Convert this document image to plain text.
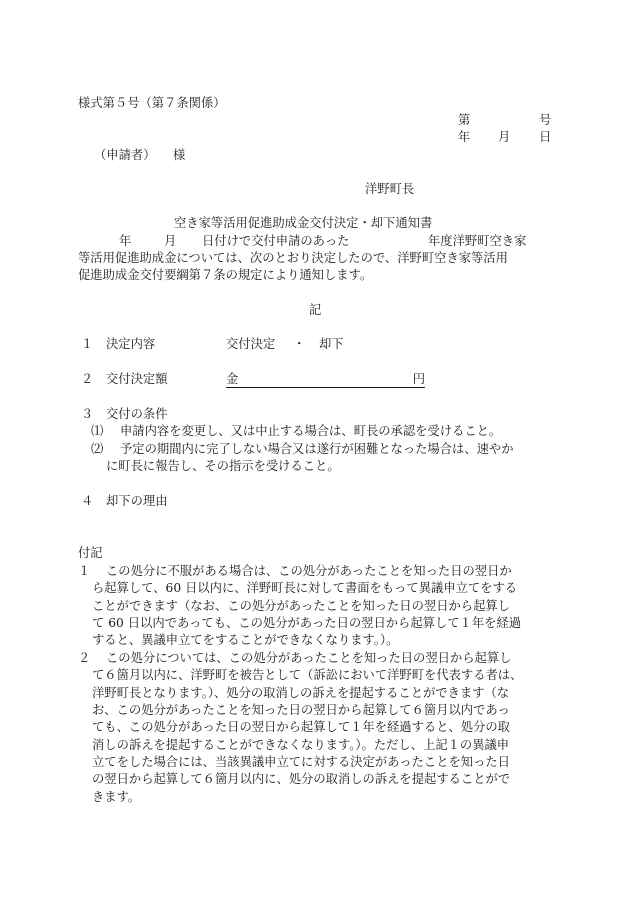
様式第５号（第７条関係）
第	号
年 月 日
（申請者） 様
洋野町長
空き家等活用促進助成金交付決定・却下通知書
年	月 日付けで交付申請のあった	年度洋野町空き家
等活用促進助成金については、次のとおり決定したので、洋野町空き家等活用
促進助成金交付要綱第７条の規定により通知します。
記
１ 決定内容	交付決定 ・ 却下
２ 交付決定額	金	円
３ 交付の条件
⑴ 申請内容を変更し、又は中止する場合は、町長の承認を受けること。
⑵ 予定の期間内に完了しない場合又は遂行が困難となった場合は、速やか
に町長に報告し、その指示を受けること。
４ 却下の理由
付記
１ この処分に不服がある場合は、この処分があったことを知った日の翌日か
ら起算して、60 日以内に、洋野町長に対して書面をもって異議申立てをする
ことができます（なお、この処分があったことを知った日の翌日から起算し
て 60 日以内であっても、この処分があった日の翌日から起算して１年を経過
すると、異議申立てをすることができなくなります。）。
２ この処分については、この処分があったことを知った日の翌日から起算し
て６箇月以内に、洋野町を被告として（訴訟において洋野町を代表する者は、
洋野町長となります。）、処分の取消しの訴えを提起することができます（な
お、この処分があったことを知った日の翌日から起算して６箇月以内であっ
ても、この処分があった日の翌日から起算して１年を経過すると、処分の取
消しの訴えを提起することができなくなります。）。ただし、上記１の異議申
立てをした場合には、当該異議申立てに対する決定があったことを知った日
の翌日から起算して６箇月以内に、処分の取消しの訴えを提起することがで
きます。
